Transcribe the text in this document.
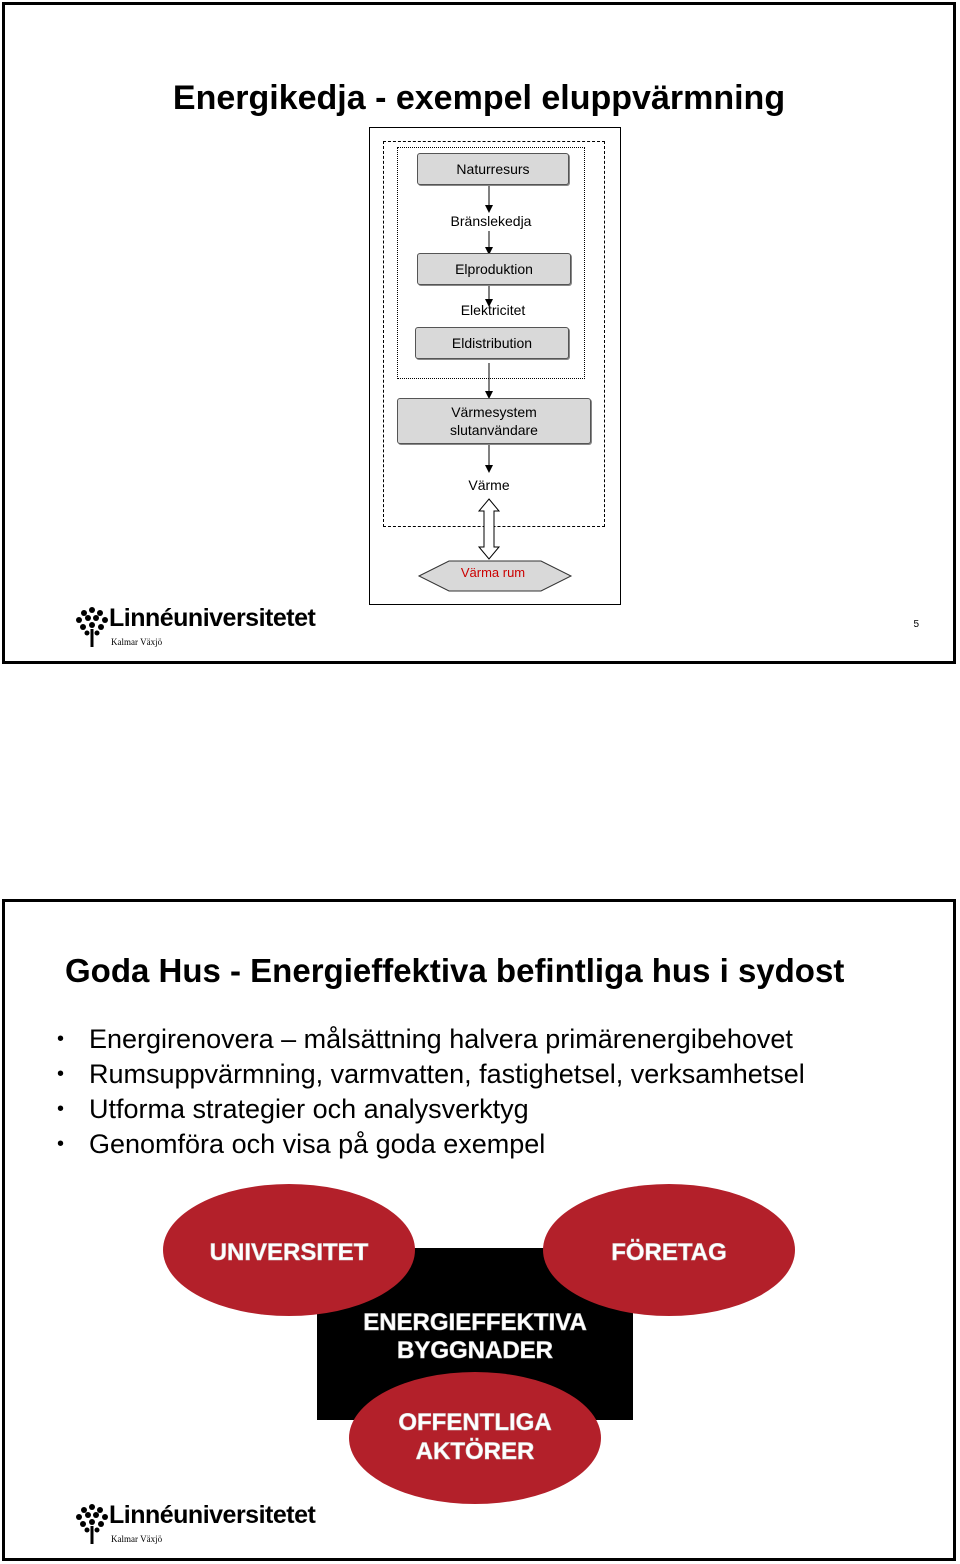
Energikedja - exempel eluppvärmning
Naturresurs
Bränslekedja
Elproduktion
Elektricitet
Eldistribution
Värmesystem
slutanvändare
Värme
Värma rum
Linnéuniversitetet
Kalmar Växjö
5
Goda Hus - Energieffektiva befintliga hus i sydost
• Energirenovera – målsättning halvera primärenergibehovet
• Rumsuppvärmning, varmvatten, fastighetsel, verksamhetsel
• Utforma strategier och analysverktyg
• Genomföra och visa på goda exempel
UNIVERSITET	FÖRETAG
ENERGIEFFEKTIVA
BYGGNADER
OFFENTLIGA
AKTÖRER
Linnéuniversitetet
Kalmar Växjö
